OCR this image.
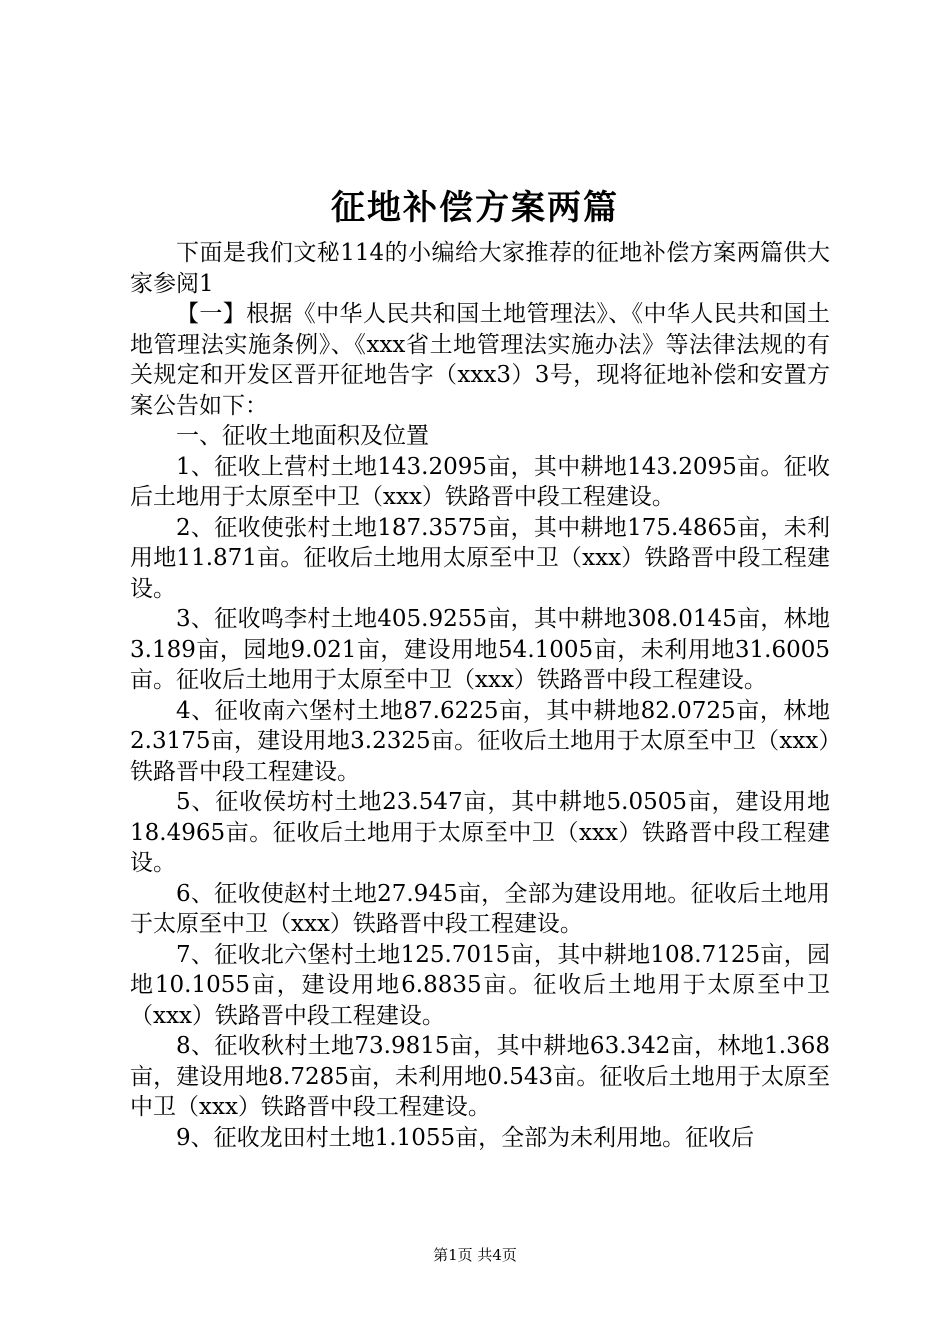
征地补偿方案两篇

下面是我们文秘114的小编给大家推荐的征地补偿方案两篇供大家参阅1

【一】根据《中华人民共和国土地管理法》、《中华人民共和国土地管理法实施条例》、《xxx省土地管理法实施办法》等法律法规的有关规定和开发区晋开征地告字（xxx3）3号，现将征地补偿和安置方案公告如下：

一、征收土地面积及位置

1、征收上营村土地143.2095亩，其中耕地143.2095亩。征收后土地用于太原至中卫（xxx）铁路晋中段工程建设。

2、征收使张村土地187.3575亩，其中耕地175.4865亩，未利用地11.871亩。征收后土地用太原至中卫（xxx）铁路晋中段工程建设。

3、征收鸣李村土地405.9255亩，其中耕地308.0145亩，林地3.189亩，园地9.021亩，建设用地54.1005亩，未利用地31.6005亩。征收后土地用于太原至中卫（xxx）铁路晋中段工程建设。

4、征收南六堡村土地87.6225亩，其中耕地82.0725亩，林地2.3175亩，建设用地3.2325亩。征收后土地用于太原至中卫（xxx）铁路晋中段工程建设。

5、征收侯坊村土地23.547亩，其中耕地5.0505亩，建设用地18.4965亩。征收后土地用于太原至中卫（xxx）铁路晋中段工程建设。

6、征收使赵村土地27.945亩，全部为建设用地。征收后土地用于太原至中卫（xxx）铁路晋中段工程建设。

7、征收北六堡村土地125.7015亩，其中耕地108.7125亩，园地10.1055亩，建设用地6.8835亩。征收后土地用于太原至中卫（xxx）铁路晋中段工程建设。

8、征收秋村土地73.9815亩，其中耕地63.342亩，林地1.368亩，建设用地8.7285亩，未利用地0.543亩。征收后土地用于太原至中卫（xxx）铁路晋中段工程建设。

9、征收龙田村土地1.1055亩，全部为未利用地。征收后

第1页 共4页
